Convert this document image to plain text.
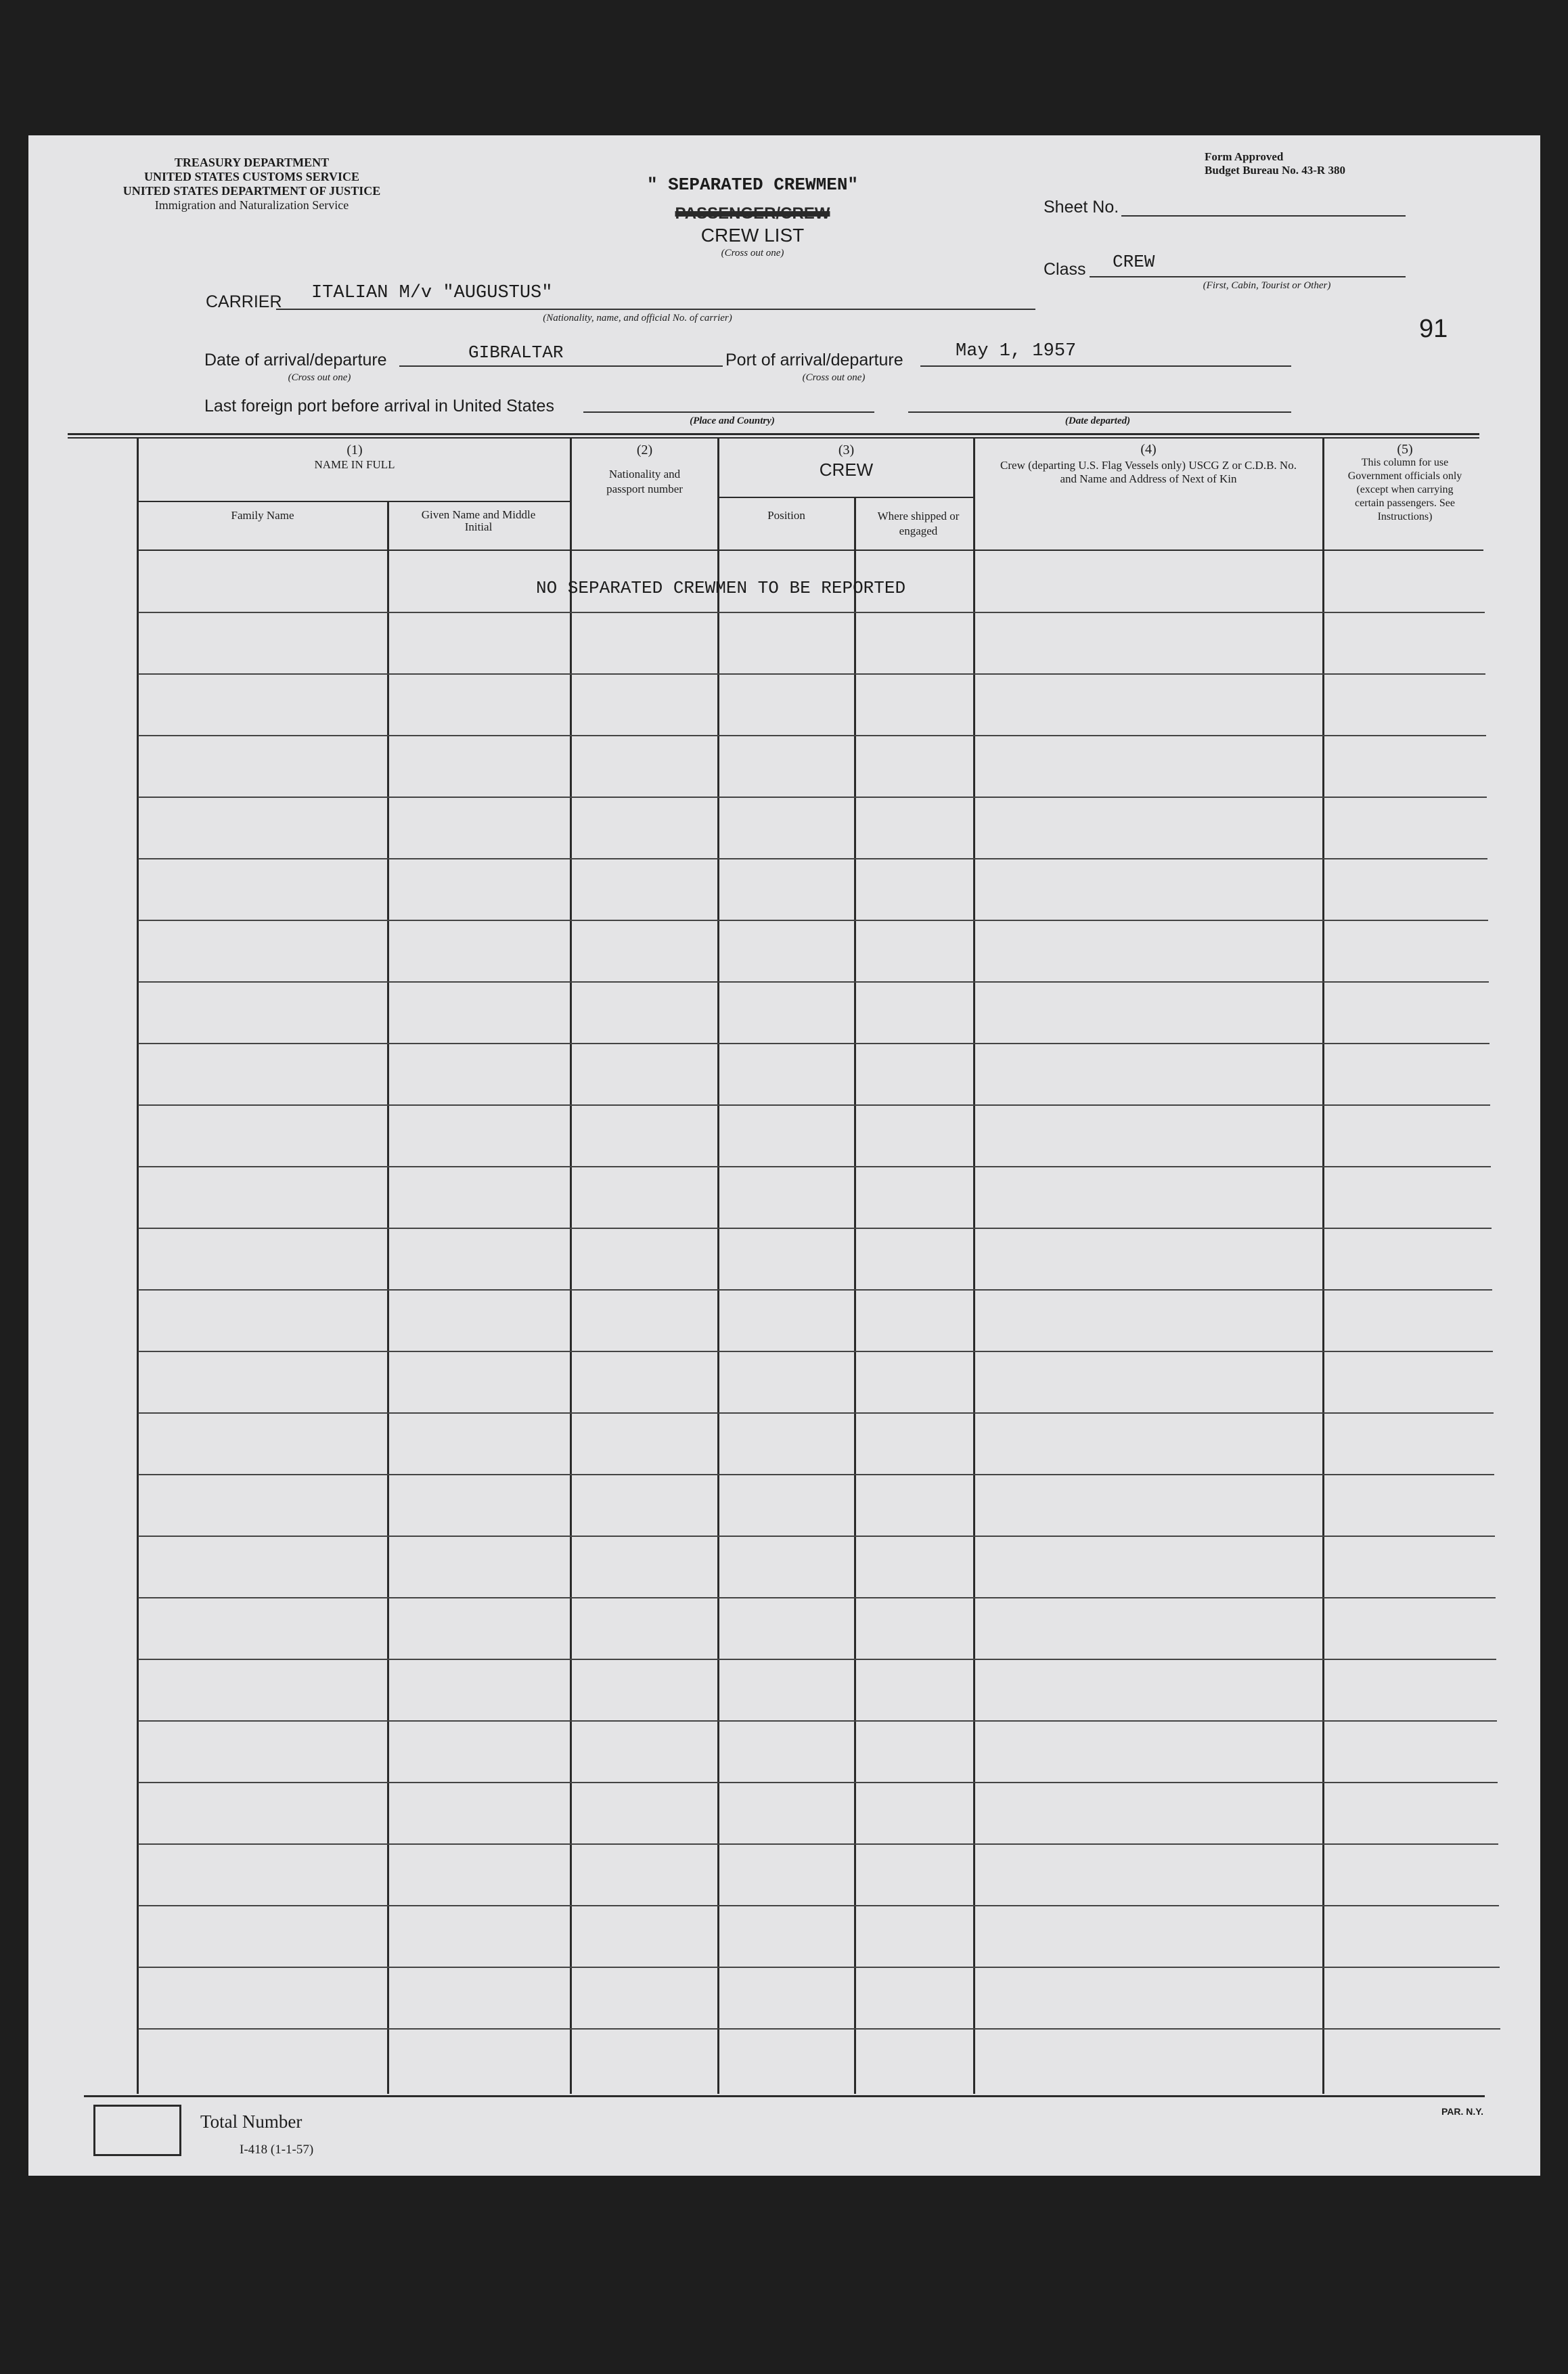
TREASURY DEPARTMENT
UNITED STATES CUSTOMS SERVICE
UNITED STATES DEPARTMENT OF JUSTICE
Immigration and Naturalization Service
" SEPARATED CREWMEN"
PASSENGER/CREW
CREW LIST
(Cross out one)
Form Approved
Budget Bureau No. 43-R 380
Sheet No.
Class CREW
(First, Cabin, Tourist or Other)
91
CARRIER ITALIAN M/v "AUGUSTUS"
(Nationality, name, and official No. of carrier)
Date of arrival/departure	GIBRALTAR
(Cross out one)
Port of arrival/departure	May 1, 1957
(Cross out one)
Last foreign port before arrival in United States
(Place and Country)	(Date departed)
(1)
NAME IN FULL
Family Name	Given Name and Middle Initial
(2)
Nationality and passport number
(3)
CREW
Position	Where shipped or engaged
(4)
Crew (departing U.S. Flag Vessels only) USCG Z or C.D.B. No. and Name and Address of Next of Kin
(5)
This column for use Government officials only (except when carrying certain passengers. See Instructions)
NO SEPARATED CREWMEN TO BE REPORTED
Total Number
I-418 (1-1-57)
PAR. N.Y.
